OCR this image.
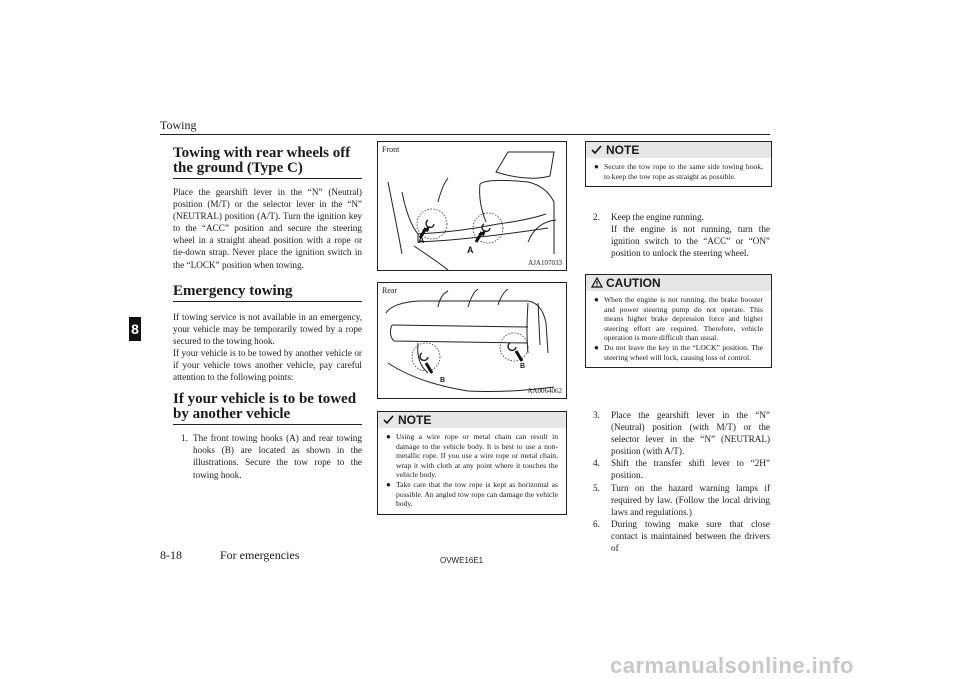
Towing
8
Towing with rear wheels off the ground (Type C)

Place the gearshift lever in the “N” (Neutral) position (M/T) or the selector lever in the “N” (NEUTRAL) position (A/T). Turn the ignition key to the “ACC” position and secure the steering wheel in a straight ahead position with a rope or tie-down strap. Never place the ignition switch in the “LOCK” position when towing.

Emergency towing

If towing service is not available in an emergency, your vehicle may be temporarily towed by a rope secured to the towing hook.

If your vehicle is to be towed by another vehicle or if your vehicle tows another vehicle, pay careful attention to the following points:

If your vehicle is to be towed by another vehicle
1. The front towing hooks (A) and rear towing hooks (B) are located as shown in the illustrations. Secure the tow rope to the towing hook.
Front
A
A
AJA107033
Rear
B
B
AA0064062
NOTE

● Using a wire rope or metal chain can result in damage to the vehicle body. It is best to use a non-metallic rope. If you use a wire rope or metal chain, wrap it with cloth at any point where it touches the vehicle body.

● Take care that the tow rope is kept as horizontal as possible. An angled tow rope can damage the vehicle body.

NOTE

● Secure the tow rope to the same side towing hook, to keep the tow rope as straight as possible.

2. Keep the engine running.
If the engine is not running, turn the ignition switch to the “ACC” or “ON” position to unlock the steering wheel.
CAUTION

● When the engine is not running, the brake booster and power steering pump do not operate. This means higher brake depression force and higher steering effort are required. Therefore, vehicle operation is more difficult than usual.

● Do not leave the key in the “LOCK” position. The steering wheel will lock, causing loss of control.

3. Place the gearshift lever in the “N” (Neutral) position (with M/T) or the selector lever in the “N” (NEUTRAL) position (with A/T).
4. Shift the transfer shift lever to “2H” position.
5. Turn on the hazard warning lamps if required by law. (Follow the local driving laws and regulations.)
6. During towing make sure that close contact is maintained between the drivers of
8-18	For emergencies	OVWE16E1
carmanualsonline.info
